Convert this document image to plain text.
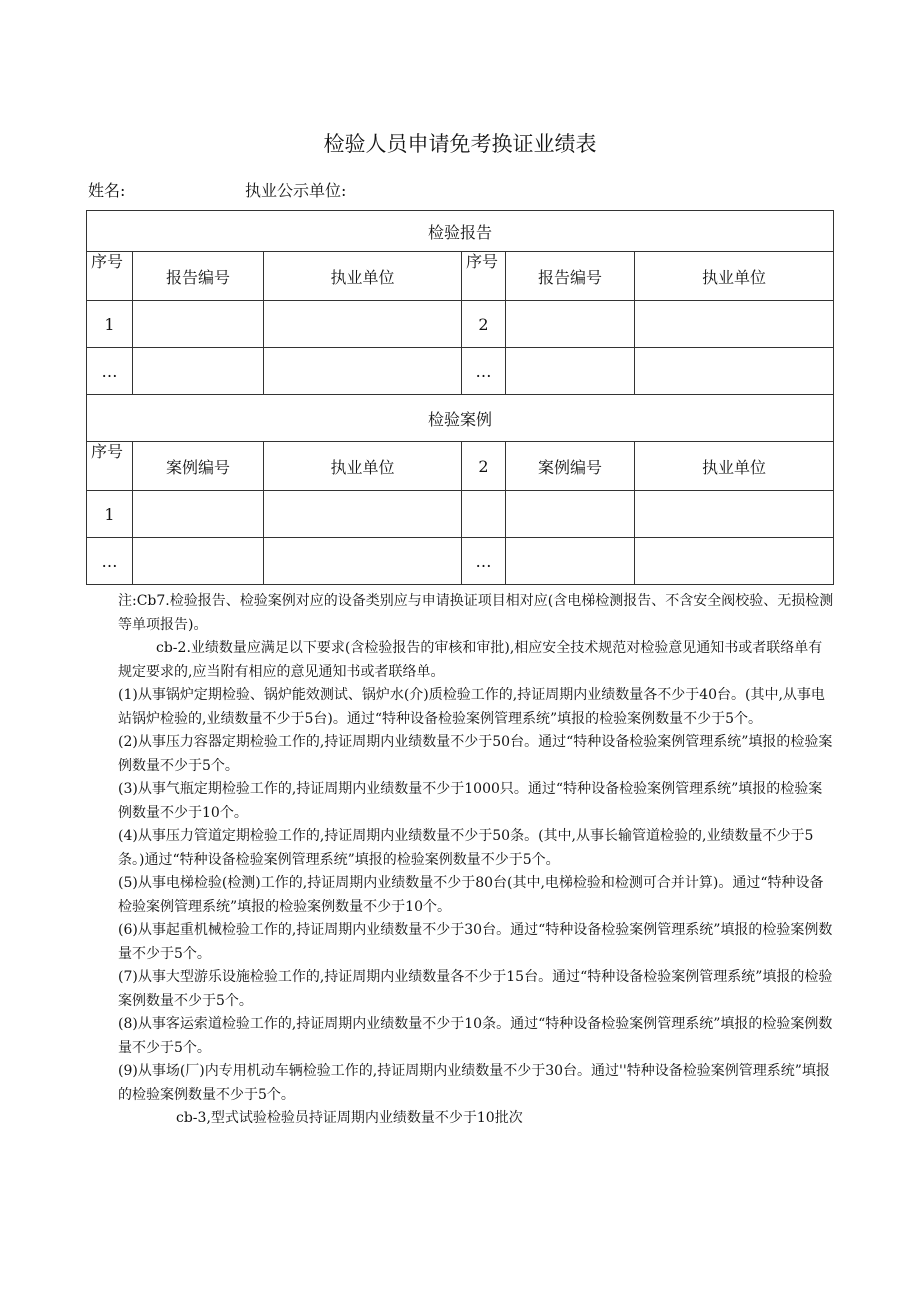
检验人员申请免考换证业绩表
姓名:	执业公示单位:
检验报告					
序号	报告编号	执业单位	序号	报告编号	执业单位
1			2		
…			…		
检验案例					
序号	案例编号	执业单位	2	案例编号	执业单位
1					
…			…		

注:Cb7.检验报告、检验案例对应的设备类别应与申请换证项目相对应(含电梯检测报告、不含安全阀校验、无损检测等单项报告)。

cb-2.业绩数量应满足以下要求(含检验报告的审核和审批),相应安全技术规范对检验意见通知书或者联络单有规定要求的,应当附有相应的意见通知书或者联络单。

(1)从事锅炉定期检验、锅炉能效测试、锅炉水(介)质检验工作的,持证周期内业绩数量各不少于40台。(其中,从事电站锅炉检验的,业绩数量不少于5台)。通过“特种设备检验案例管理系统”填报的检验案例数量不少于5个。

(2)从事压力容器定期检验工作的,持证周期内业绩数量不少于50台。通过“特种设备检验案例管理系统”填报的检验案例数量不少于5个。

(3)从事气瓶定期检验工作的,持证周期内业绩数量不少于1000只。通过“特种设备检验案例管理系统”填报的检验案例数量不少于10个。

(4)从事压力管道定期检验工作的,持证周期内业绩数量不少于50条。(其中,从事长输管道检验的,业绩数量不少于5条。)通过“特种设备检验案例管理系统”填报的检验案例数量不少于5个。

(5)从事电梯检验(检测)工作的,持证周期内业绩数量不少于80台(其中,电梯检验和检测可合并计算)。通过“特种设备检验案例管理系统”填报的检验案例数量不少于10个。

(6)从事起重机械检验工作的,持证周期内业绩数量不少于30台。通过“特种设备检验案例管理系统”填报的检验案例数量不少于5个。

(7)从事大型游乐设施检验工作的,持证周期内业绩数量各不少于15台。通过“特种设备检验案例管理系统”填报的检验案例数量不少于5个。

(8)从事客运索道检验工作的,持证周期内业绩数量不少于10条。通过“特种设备检验案例管理系统”填报的检验案例数量不少于5个。

(9)从事场(厂)内专用机动车辆检验工作的,持证周期内业绩数量不少于30台。通过''特种设备检验案例管理系统”填报的检验案例数量不少于5个。

cb-3,型式试验检验员持证周期内业绩数量不少于10批次
